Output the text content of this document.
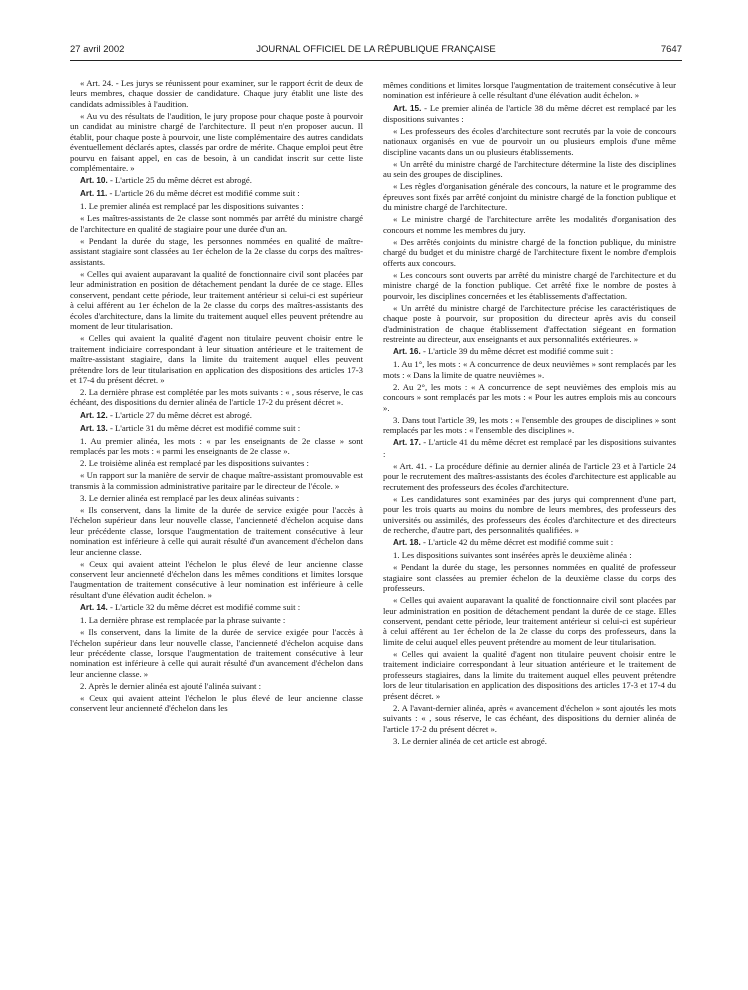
27 avril 2002	JOURNAL OFFICIEL DE LA RÉPUBLIQUE FRANÇAISE	7647

« Art. 24. - Les jurys se réunissent pour examiner, sur le rapport écrit de deux de leurs membres, chaque dossier de candidature. Chaque jury établit une liste des candidats admissibles à l'audition.

« Au vu des résultats de l'audition, le jury propose pour chaque poste à pourvoir un candidat au ministre chargé de l'architecture. Il peut n'en proposer aucun. Il établit, pour chaque poste à pourvoir, une liste complémentaire des autres candidats éventuellement déclarés aptes, classés par ordre de mérite. Chaque emploi peut être pourvu en faisant appel, en cas de besoin, à un candidat inscrit sur cette liste complémentaire. »

Art. 10. - L'article 25 du même décret est abrogé.

Art. 11. - L'article 26 du même décret est modifié comme suit :

1. Le premier alinéa est remplacé par les dispositions suivantes :

« Les maîtres-assistants de 2e classe sont nommés par arrêté du ministre chargé de l'architecture en qualité de stagiaire pour une durée d'un an.

« Pendant la durée du stage, les personnes nommées en qualité de maître-assistant stagiaire sont classées au 1er échelon de la 2e classe du corps des maîtres-assistants.

« Celles qui avaient auparavant la qualité de fonctionnaire civil sont placées par leur administration en position de détachement pendant la durée de ce stage. Elles conservent, pendant cette période, leur traitement antérieur si celui-ci est supérieur à celui afférent au 1er échelon de la 2e classe du corps des maîtres-assistants des écoles d'architecture, dans la limite du traitement auquel elles peuvent prétendre au moment de leur titularisation.

« Celles qui avaient la qualité d'agent non titulaire peuvent choisir entre le traitement indiciaire correspondant à leur situation antérieure et le traitement de maître-assistant stagiaire, dans la limite du traitement auquel elles peuvent prétendre lors de leur titularisation en application des dispositions des articles 17-3 et 17-4 du présent décret. »

2. La dernière phrase est complétée par les mots suivants : « , sous réserve, le cas échéant, des dispositions du dernier alinéa de l'article 17-2 du présent décret ».

Art. 12. - L'article 27 du même décret est abrogé.

Art. 13. - L'article 31 du même décret est modifié comme suit :

1. Au premier alinéa, les mots : « par les enseignants de 2e classe » sont remplacés par les mots : « parmi les enseignants de 2e classe ».

2. Le troisième alinéa est remplacé par les dispositions suivantes :

« Un rapport sur la manière de servir de chaque maître-assistant promouvable est transmis à la commission administrative paritaire par le directeur de l'école. »

3. Le dernier alinéa est remplacé par les deux alinéas suivants :

« Ils conservent, dans la limite de la durée de service exigée pour l'accès à l'échelon supérieur dans leur nouvelle classe, l'ancienneté d'échelon acquise dans leur précédente classe, lorsque l'augmentation de traitement consécutive à leur nomination est inférieure à celle qui aurait résulté d'un avancement d'échelon dans leur ancienne classe.

« Ceux qui avaient atteint l'échelon le plus élevé de leur ancienne classe conservent leur ancienneté d'échelon dans les mêmes conditions et limites lorsque l'augmentation de traitement consécutive à leur nomination est inférieure à celle résultant d'une élévation audit échelon. »

Art. 14. - L'article 32 du même décret est modifié comme suit :

1. La dernière phrase est remplacée par la phrase suivante :

« Ils conservent, dans la limite de la durée de service exigée pour l'accès à l'échelon supérieur dans leur nouvelle classe, l'ancienneté d'échelon acquise dans leur précédente classe, lorsque l'augmentation de traitement consécutive à leur nomination est inférieure à celle qui aurait résulté d'un avancement d'échelon dans leur ancienne classe. »

2. Après le dernier alinéa est ajouté l'alinéa suivant :

« Ceux qui avaient atteint l'échelon le plus élevé de leur ancienne classe conservent leur ancienneté d'échelon dans les

mêmes conditions et limites lorsque l'augmentation de traitement consécutive à leur nomination est inférieure à celle résultant d'une élévation audit échelon. »

Art. 15. - Le premier alinéa de l'article 38 du même décret est remplacé par les dispositions suivantes :

« Les professeurs des écoles d'architecture sont recrutés par la voie de concours nationaux organisés en vue de pourvoir un ou plusieurs emplois d'une même discipline vacants dans un ou plusieurs établissements.

« Un arrêté du ministre chargé de l'architecture détermine la liste des disciplines au sein des groupes de disciplines.

« Les règles d'organisation générale des concours, la nature et le programme des épreuves sont fixés par arrêté conjoint du ministre chargé de la fonction publique et du ministre chargé de l'architecture.

« Le ministre chargé de l'architecture arrête les modalités d'organisation des concours et nomme les membres du jury.

« Des arrêtés conjoints du ministre chargé de la fonction publique, du ministre chargé du budget et du ministre chargé de l'architecture fixent le nombre d'emplois offerts aux concours.

« Les concours sont ouverts par arrêté du ministre chargé de l'architecture et du ministre chargé de la fonction publique. Cet arrêté fixe le nombre de postes à pourvoir, les disciplines concernées et les établissements d'affectation.

« Un arrêté du ministre chargé de l'architecture précise les caractéristiques de chaque poste à pourvoir, sur proposition du directeur après avis du conseil d'administration de chaque établissement d'affectation siégeant en formation restreinte au directeur, aux enseignants et aux personnalités extérieures. »

Art. 16. - L'article 39 du même décret est modifié comme suit :

1. Au 1°, les mots : « A concurrence de deux neuvièmes » sont remplacés par les mots : « Dans la limite de quatre neuvièmes ».

2. Au 2°, les mots : « A concurrence de sept neuvièmes des emplois mis au concours » sont remplacés par les mots : « Pour les autres emplois mis au concours ».

3. Dans tout l'article 39, les mots : « l'ensemble des groupes de disciplines » sont remplacés par les mots : « l'ensemble des disciplines ».

Art. 17. - L'article 41 du même décret est remplacé par les dispositions suivantes :

« Art. 41. - La procédure définie au dernier alinéa de l'article 23 et à l'article 24 pour le recrutement des maîtres-assistants des écoles d'architecture est applicable au recrutement des professeurs des écoles d'architecture.

« Les candidatures sont examinées par des jurys qui comprennent d'une part, pour les trois quarts au moins du nombre de leurs membres, des professeurs des universités ou assimilés, des professeurs des écoles d'architecture et des directeurs de recherche, d'autre part, des personnalités qualifiées. »

Art. 18. - L'article 42 du même décret est modifié comme suit :

1. Les dispositions suivantes sont insérées après le deuxième alinéa :

« Pendant la durée du stage, les personnes nommées en qualité de professeur stagiaire sont classées au premier échelon de la deuxième classe du corps des professeurs.

« Celles qui avaient auparavant la qualité de fonctionnaire civil sont placées par leur administration en position de détachement pendant la durée de ce stage. Elles conservent, pendant cette période, leur traitement antérieur si celui-ci est supérieur à celui afférent au 1er échelon de la 2e classe du corps des professeurs, dans la limite de celui auquel elles peuvent prétendre au moment de leur titularisation.

« Celles qui avaient la qualité d'agent non titulaire peuvent choisir entre le traitement indiciaire correspondant à leur situation antérieure et le traitement de professeurs stagiaires, dans la limite du traitement auquel elles peuvent prétendre lors de leur titularisation en application des dispositions des articles 17-3 et 17-4 du présent décret. »

2. A l'avant-dernier alinéa, après « avancement d'échelon » sont ajoutés les mots suivants : « , sous réserve, le cas échéant, des dispositions du dernier alinéa de l'article 17-2 du présent décret ».

3. Le dernier alinéa de cet article est abrogé.
